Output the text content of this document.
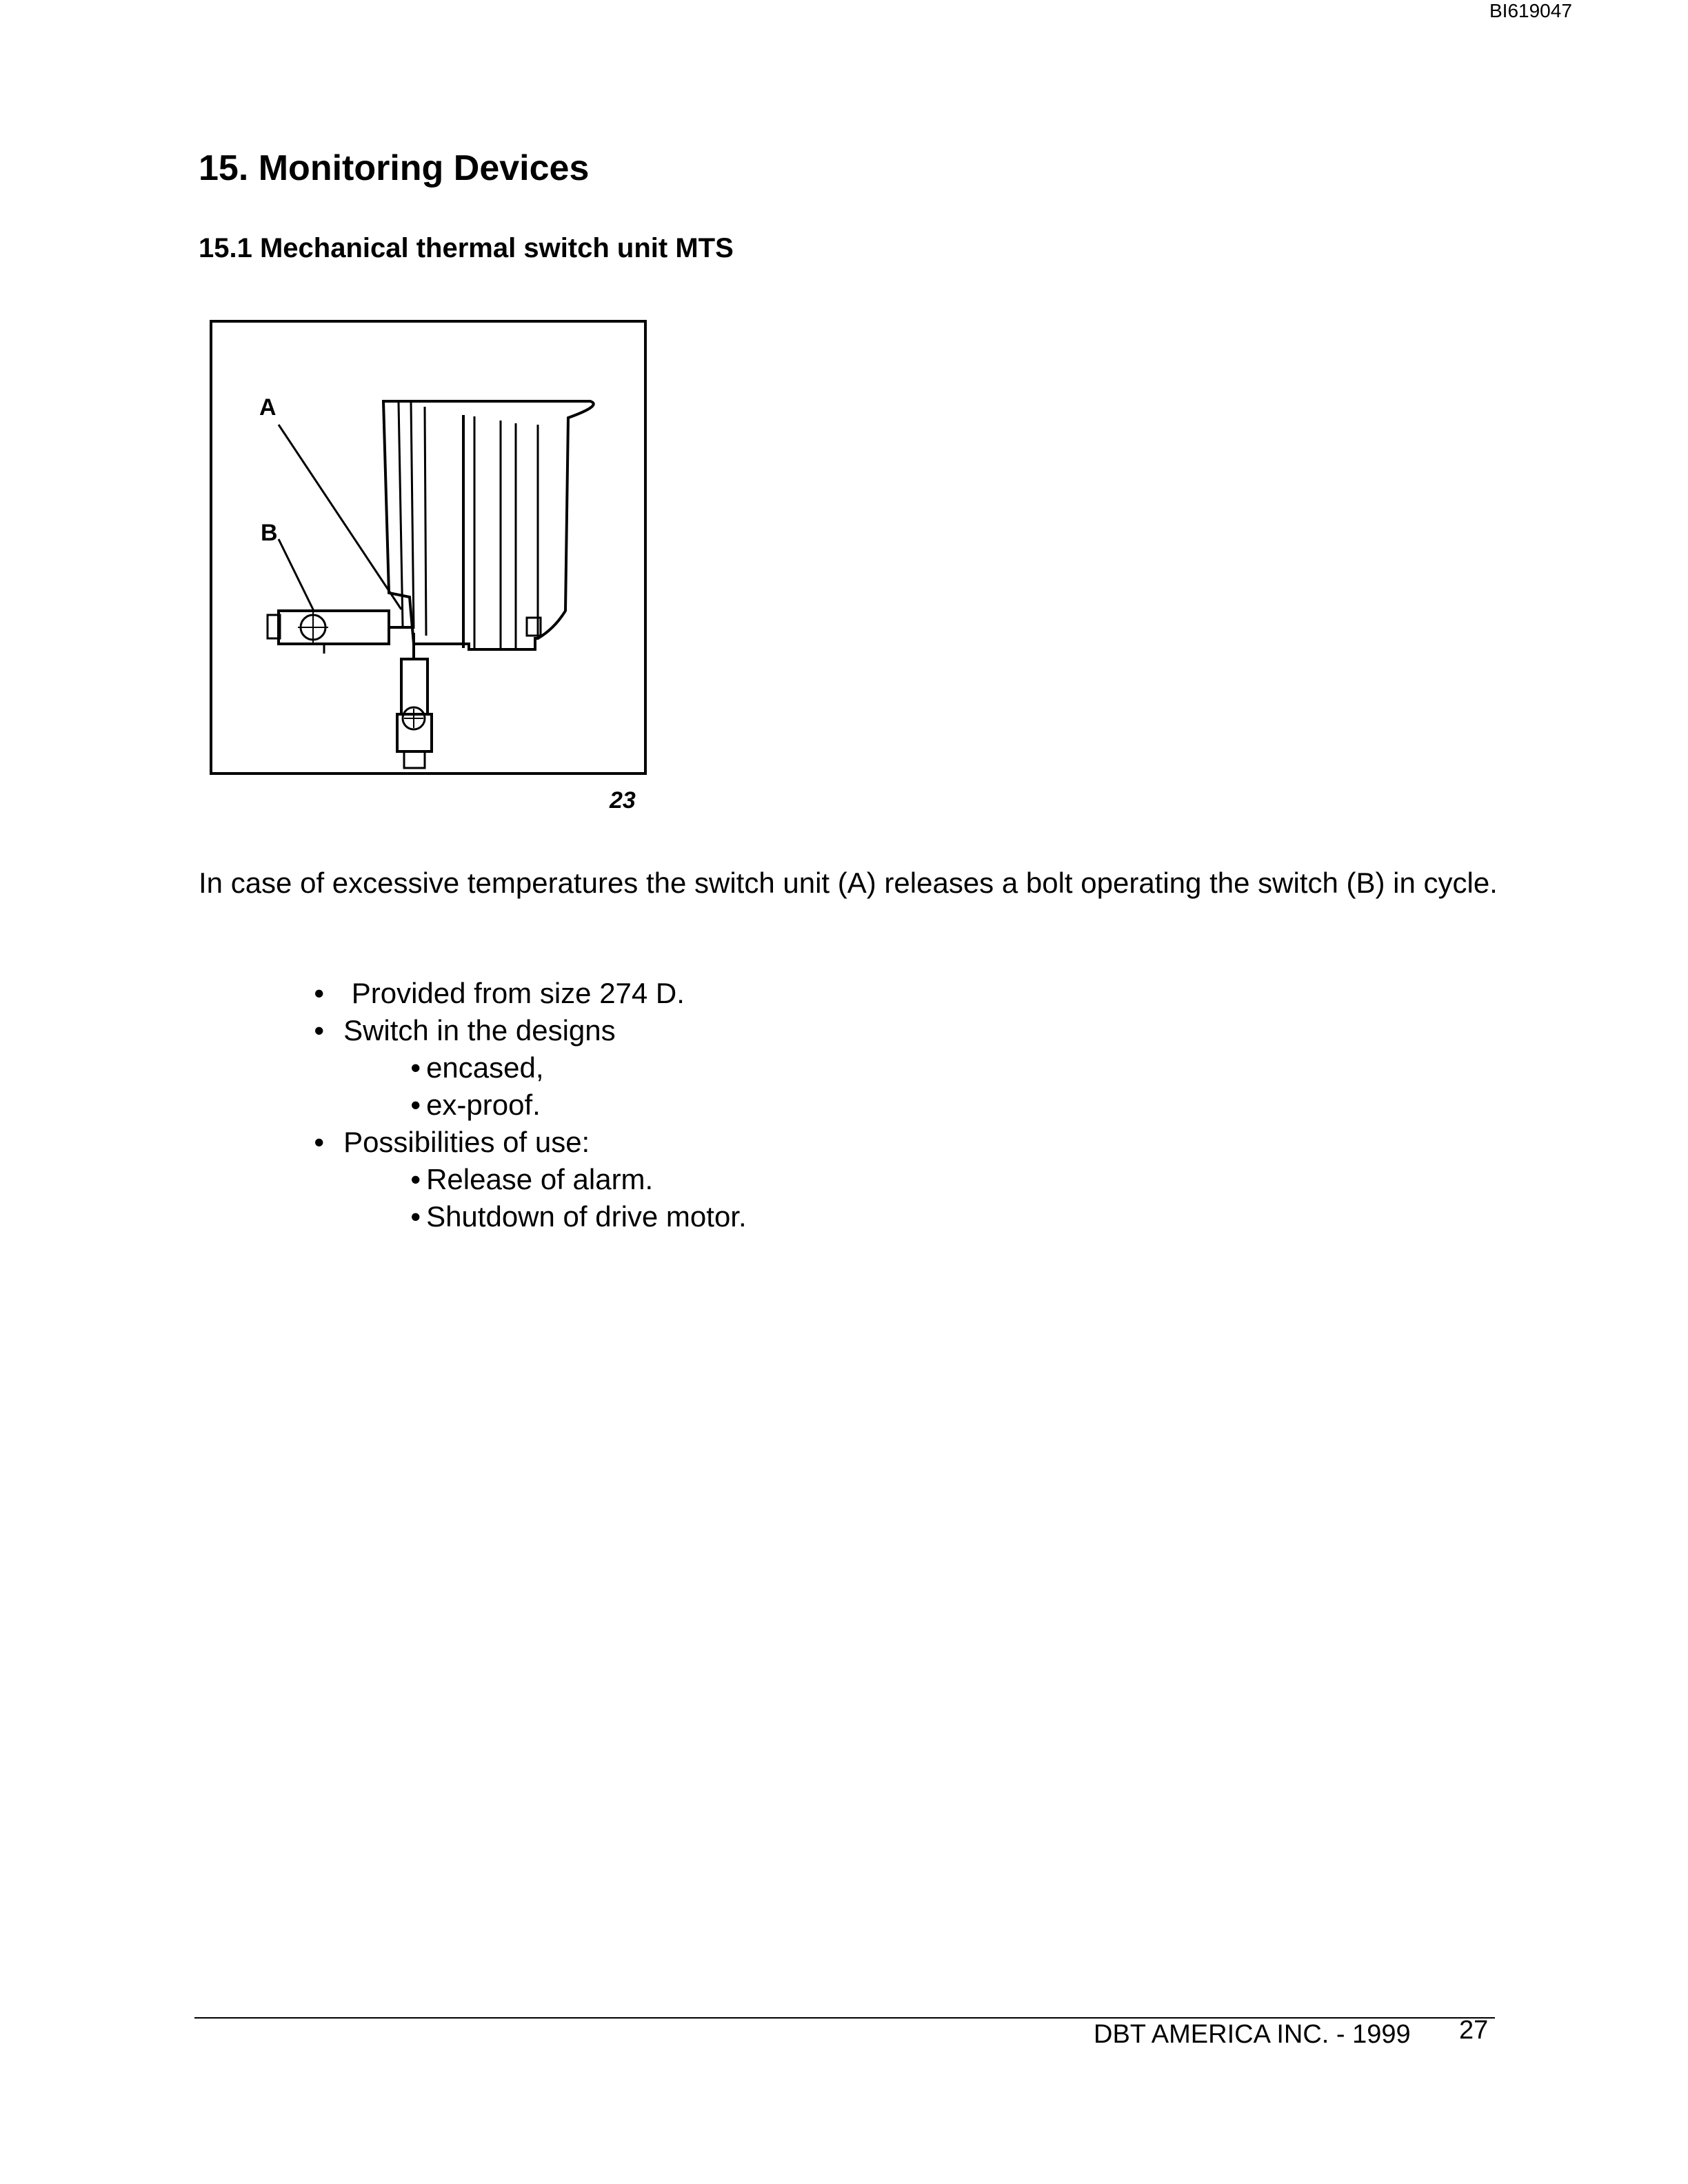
BI619047
15. Monitoring Devices
15.1 Mechanical thermal switch unit MTS
A
B
23

In case of excessive temperatures the switch unit (A) releases a bolt operating the switch (B) in cycle.

• Provided from size 274 D.

• Switch in the designs

• encased,

• ex-proof.

• Possibilities of use:

• Release of alarm.

• Shutdown of drive motor.

DBT AMERICA INC. - 1999 27
